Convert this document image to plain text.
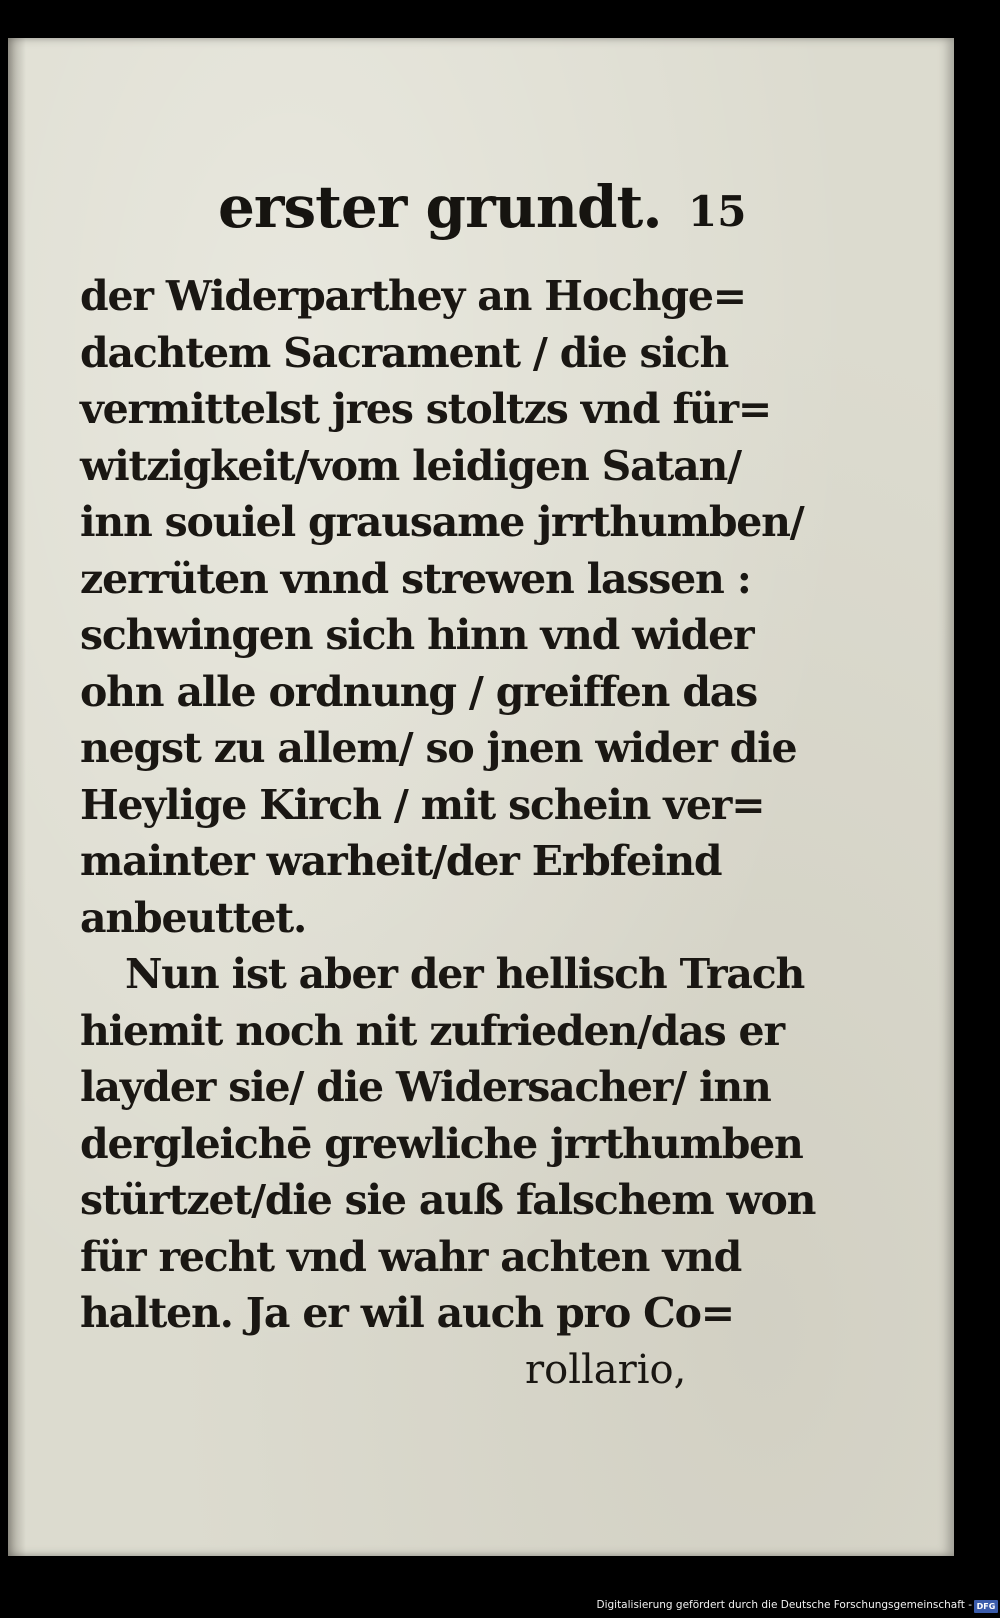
erster grundt. 15
der Widerparthey an Hochge=
dachtem Sacrament / die sich
vermittelst jres stoltzs vnd für=
witzigkeit/vom leidigen Satan/
inn souiel grausame jrrthumben/
zerrüten vnnd strewen lassen :
schwingen sich hinn vnd wider
ohn alle ordnung / greiffen das
negst zu allem/ so jnen wider die
Heylige Kirch / mit schein ver=
mainter warheit/der Erbfeind
anbeuttet.
Nun ist aber der hellisch Trach
hiemit noch nit zufrieden/das er
layder sie/ die Widersacher/ inn
dergleichē grewliche jrrthumben
stürtzet/die sie auß falschem won
für recht vnd wahr achten vnd
halten. Ja er wil auch pro Co=
rollario,
Digitalisierung gefördert durch die Deutsche Forschungsgemeinschaft - DFG
